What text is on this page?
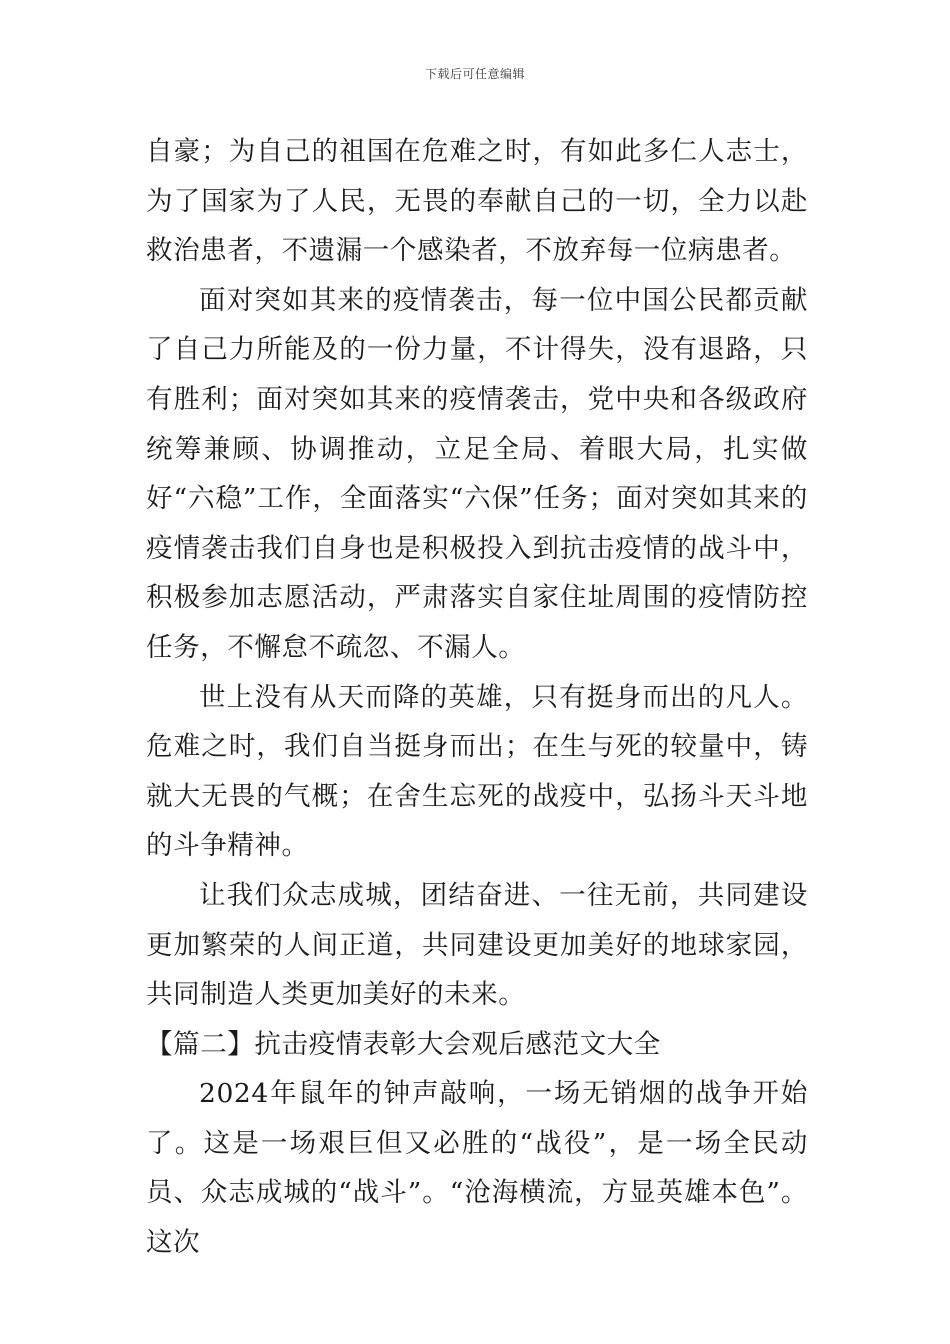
下载后可任意编辑

自豪；为自己的祖国在危难之时，有如此多仁人志士，为了国家为了人民，无畏的奉献自己的一切，全力以赴救治患者，不遗漏一个感染者，不放弃每一位病患者。

面对突如其来的疫情袭击，每一位中国公民都贡献了自己力所能及的一份力量，不计得失，没有退路，只有胜利；面对突如其来的疫情袭击，党中央和各级政府统筹兼顾、协调推动，立足全局、着眼大局，扎实做好“六稳”工作，全面落实“六保”任务；面对突如其来的疫情袭击我们自身也是积极投入到抗击疫情的战斗中，积极参加志愿活动，严肃落实自家住址周围的疫情防控任务，不懈怠不疏忽、不漏人。

世上没有从天而降的英雄，只有挺身而出的凡人。危难之时，我们自当挺身而出；在生与死的较量中，铸就大无畏的气概；在舍生忘死的战疫中，弘扬斗天斗地的斗争精神。

让我们众志成城，团结奋进、一往无前，共同建设更加繁荣的人间正道，共同建设更加美好的地球家园，共同制造人类更加美好的未来。

【篇二】抗击疫情表彰大会观后感范文大全

2024年鼠年的钟声敲响，一场无销烟的战争开始了。这是一场艰巨但又必胜的“战役”，是一场全民动员、众志成城的“战斗”。“沧海横流，方显英雄本色”。这次
